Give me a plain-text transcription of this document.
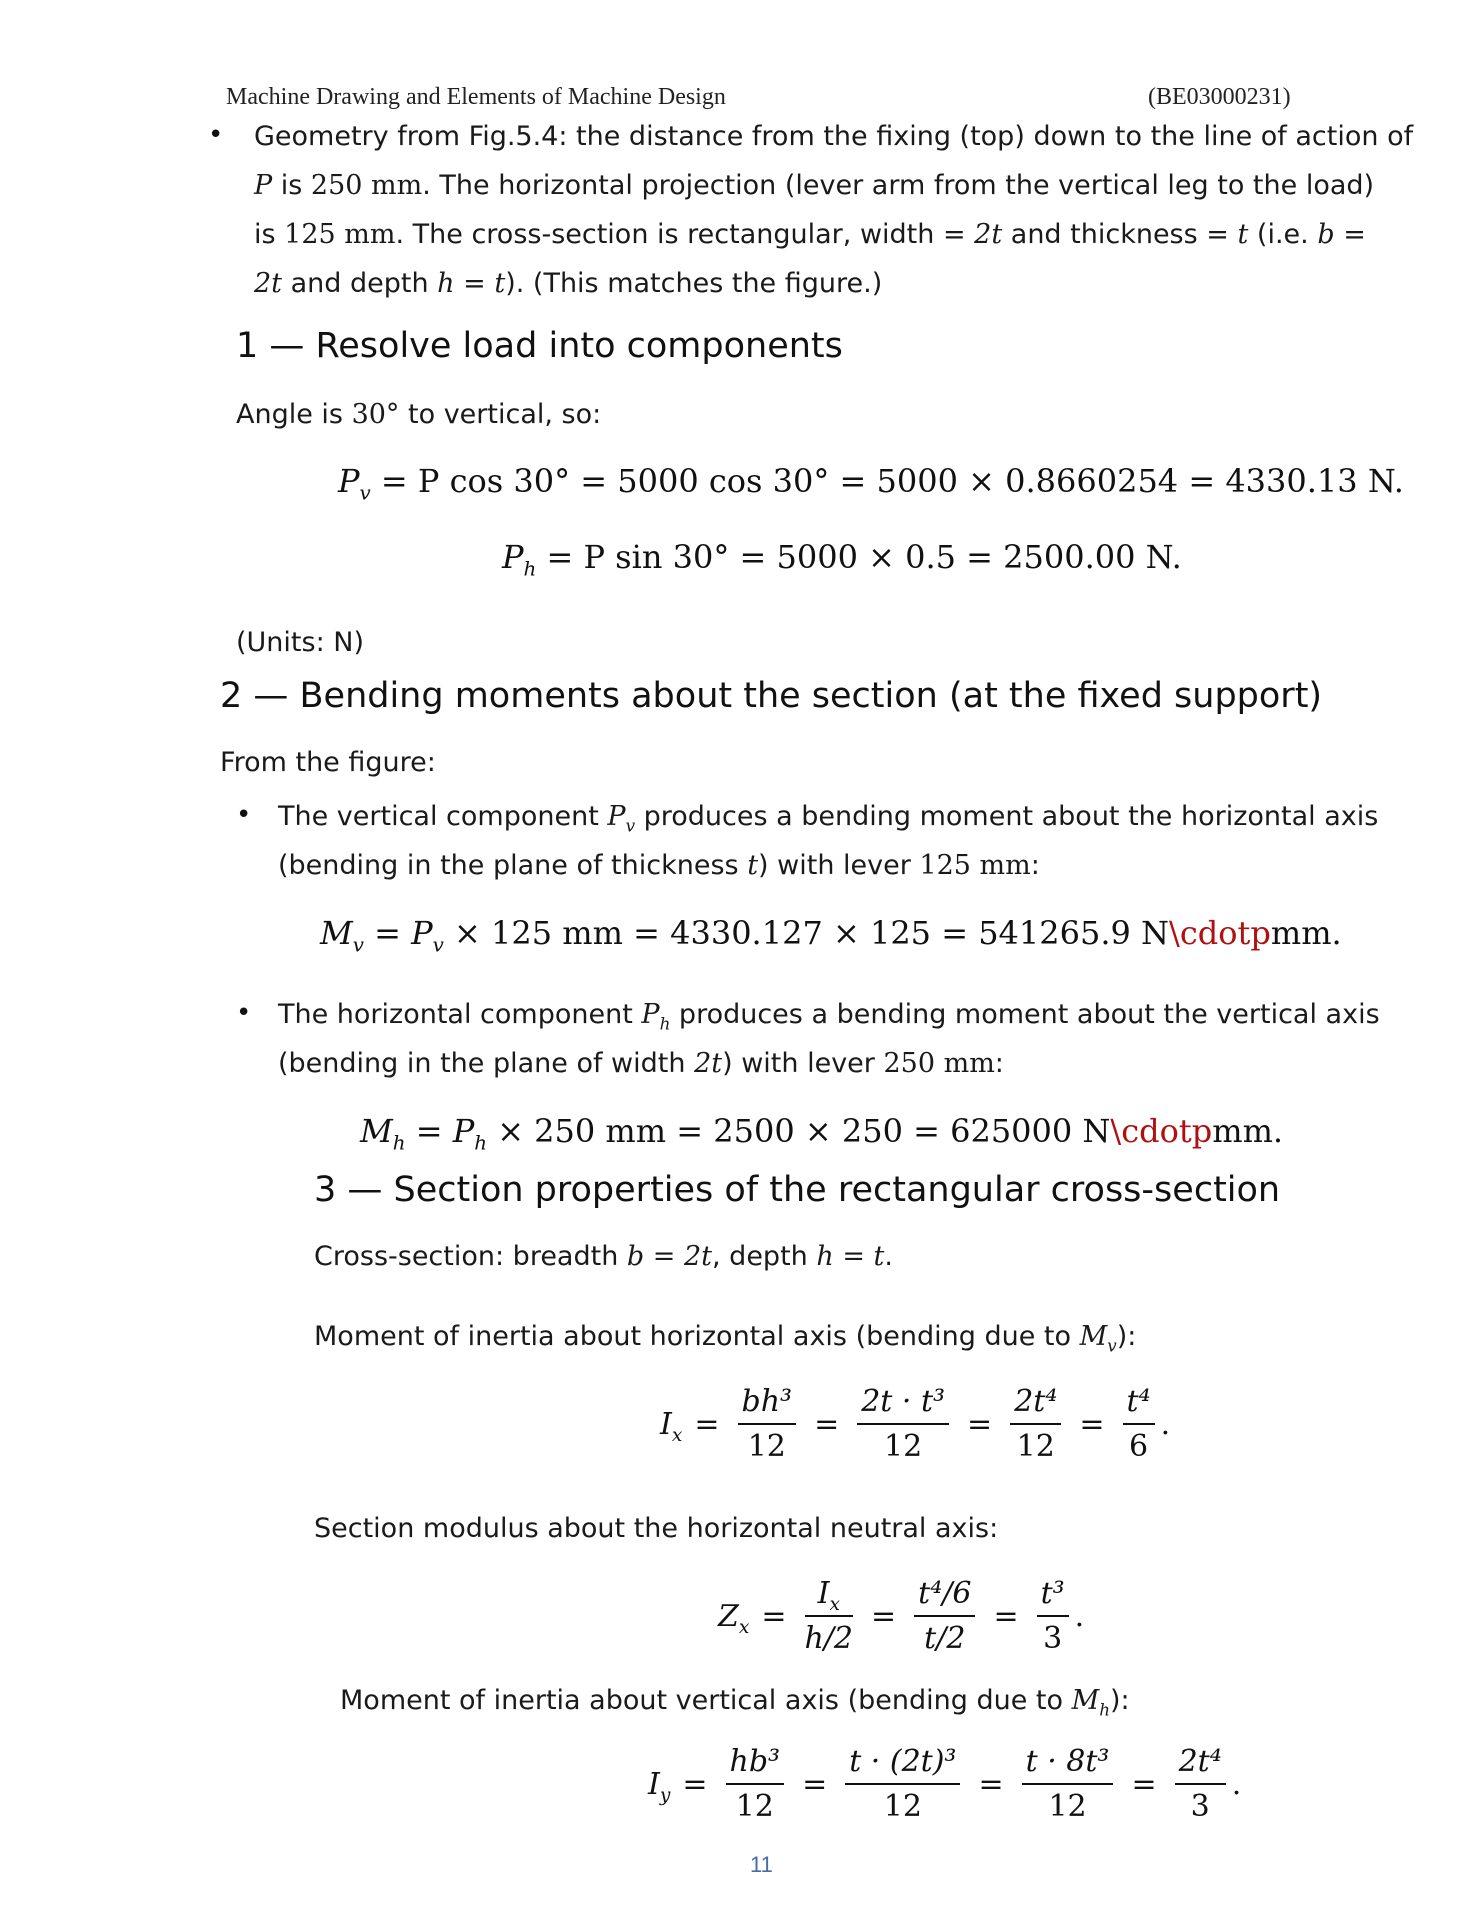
Machine Drawing and Elements of Machine Design	(BE03000231)
• Geometry from Fig.5.4: the distance from the fixing (top) down to the line of action of
P is 250 mm. The horizontal projection (lever arm from the vertical leg to the load)
is 125 mm. The cross-section is rectangular, width = 2t and thickness = t (i.e. b =
2t and depth h = t). (This matches the figure.)
1 — Resolve load into components
Angle is 30° to vertical, so:
$P_v = P$ cos 30° = 5000 cos 30° = 5000 × 0.8660254 = 4330.13 N.
$P_h = P$ sin 30° = 5000 × 0.5 = 2500.00 N.
(Units: N)
2 — Bending moments about the section (at the fixed support)
From the figure:
• The vertical component $P_v$ produces a bending moment about the horizontal axis
(bending in the plane of thickness t) with lever 125 mm:
$M_v = P_v \times 125$ mm = 4330.127 × 125 = 541265.9 N\cdotpmm.
• The horizontal component $P_h$ produces a bending moment about the vertical axis
(bending in the plane of width 2t) with lever 250 mm:
$M_h = P_h \times 250$ mm = 2500 × 250 = 625000 N\cdotpmm.
3 — Section properties of the rectangular cross-section
Cross-section: breadth b = 2t, depth h = t.
Moment of inertia about horizontal axis (bending due to $M_v$):
$I_x = \frac{\text{bh³}}{12} = \frac{\text{2t · t³}}{12} = \frac{\text{2t⁴}}{12} = \frac{\text{t⁴}}{6}$ .
Section modulus about the horizontal neutral axis:
$Z_x = \frac{I_x}{h/2} = \frac{\text{t⁴/6}}{t/2} = \frac{\text{t³}}{3}$ .
Moment of inertia about vertical axis (bending due to $M_h$):
$I_y = \frac{\text{hb³}}{12} = \frac{\text{t · (2t)³}}{12} = \frac{\text{t · 8t³}}{12} = \frac{\text{2t⁴}}{3}$ .
11
